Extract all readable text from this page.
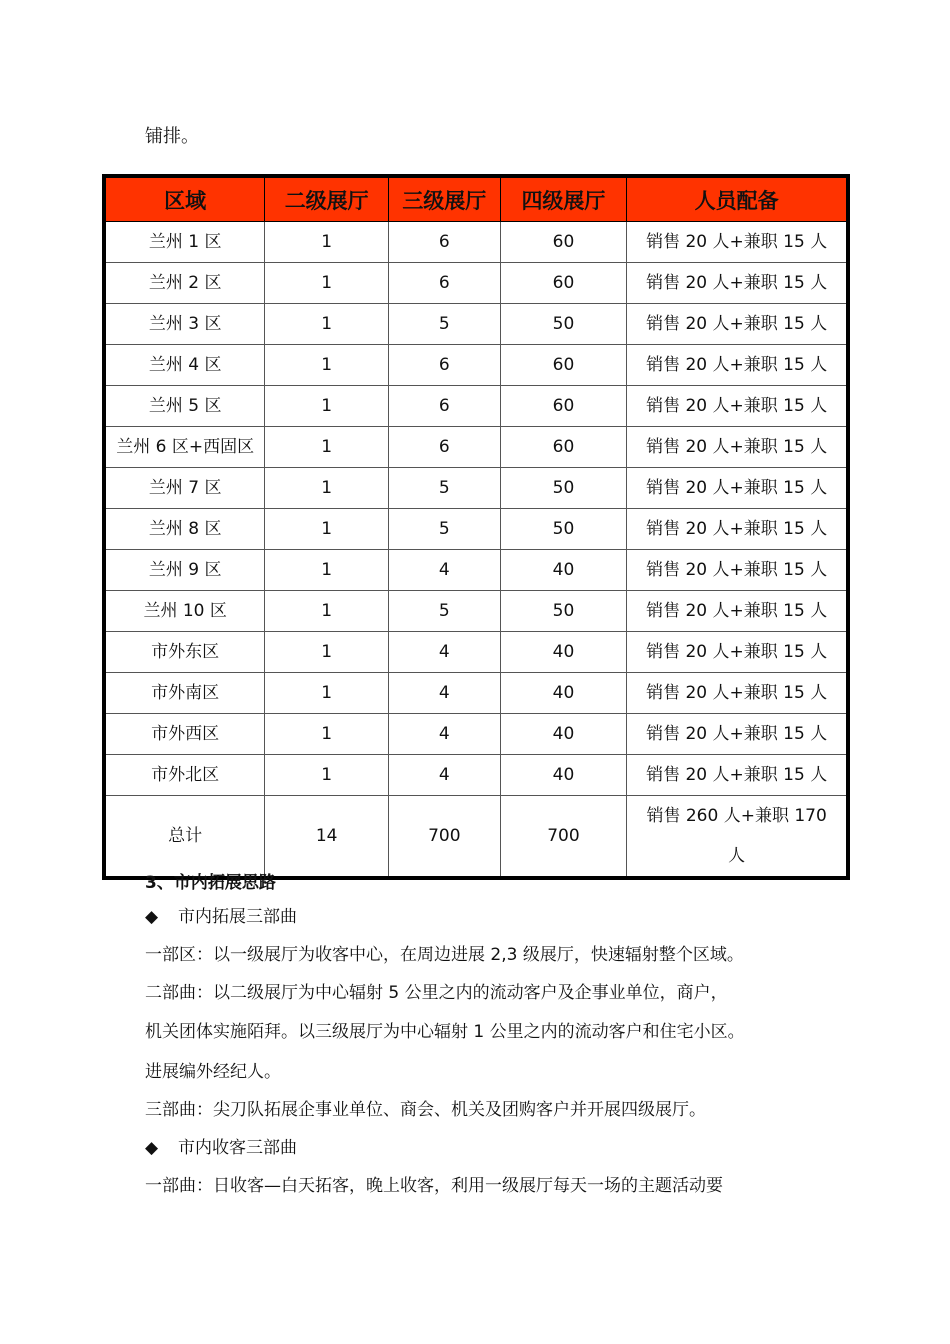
铺排。
区域	二级展厅	三级展厅	四级展厅	人员配备
兰州 1 区	1	6	60	销售 20 人+兼职 15 人
兰州 2 区	1	6	60	销售 20 人+兼职 15 人
兰州 3 区	1	5	50	销售 20 人+兼职 15 人
兰州 4 区	1	6	60	销售 20 人+兼职 15 人
兰州 5 区	1	6	60	销售 20 人+兼职 15 人
兰州 6 区+西固区	1	6	60	销售 20 人+兼职 15 人
兰州 7 区	1	5	50	销售 20 人+兼职 15 人
兰州 8 区	1	5	50	销售 20 人+兼职 15 人
兰州 9 区	1	4	40	销售 20 人+兼职 15 人
兰州 10 区	1	5	50	销售 20 人+兼职 15 人
市外东区	1	4	40	销售 20 人+兼职 15 人
市外南区	1	4	40	销售 20 人+兼职 15 人
市外西区	1	4	40	销售 20 人+兼职 15 人
市外北区	1	4	40	销售 20 人+兼职 15 人
总计	14	700	700	销售 260 人+兼职 170
人
3、市内拓展思路
◆ 市内拓展三部曲
一部区：以一级展厅为收客中心，在周边进展 2,3 级展厅，快速辐射整个区域。
二部曲：以二级展厅为中心辐射 5 公里之内的流动客户及企事业单位，商户，
机关团体实施陌拜。以三级展厅为中心辐射 1 公里之内的流动客户和住宅小区。
进展编外经纪人。
三部曲：尖刀队拓展企事业单位、商会、机关及团购客户并开展四级展厅。
◆ 市内收客三部曲
一部曲：日收客—白天拓客，晚上收客，利用一级展厅每天一场的主题活动要
